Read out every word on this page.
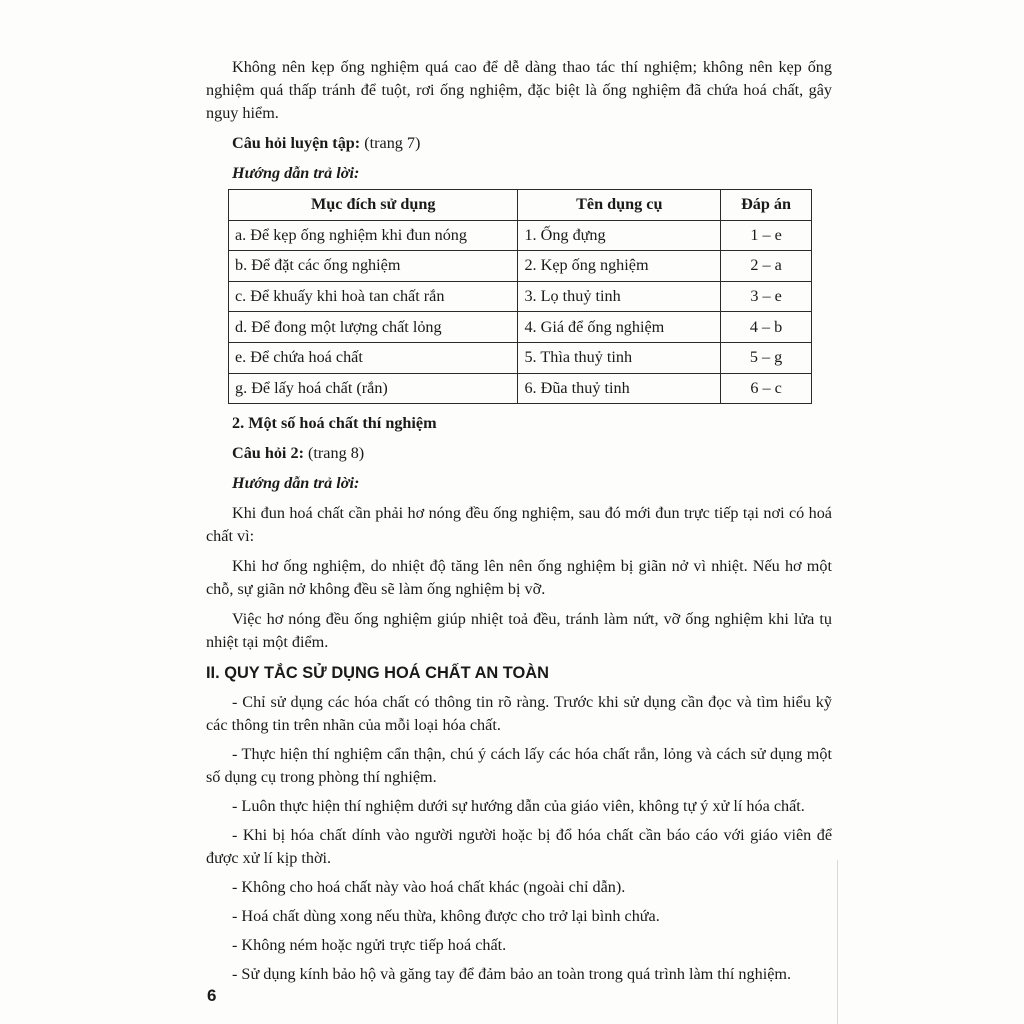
Không nên kẹp ống nghiệm quá cao để dễ dàng thao tác thí nghiệm; không nên kẹp ống nghiệm quá thấp tránh để tuột, rơi ống nghiệm, đặc biệt là ống nghiệm đã chứa hoá chất, gây nguy hiểm.

Câu hỏi luyện tập: (trang 7)

Hướng dẫn trả lời:

Mục đích sử dụng	Tên dụng cụ	Đáp án
a. Để kẹp ống nghiệm khi đun nóng	1. Ống đựng	1 – e
b. Để đặt các ống nghiệm	2. Kẹp ống nghiệm	2 – a
c. Để khuấy khi hoà tan chất rắn	3. Lọ thuỷ tinh	3 – e
d. Để đong một lượng chất lỏng	4. Giá để ống nghiệm	4 – b
e. Để chứa hoá chất	5. Thìa thuỷ tinh	5 – g
g. Để lấy hoá chất (rắn)	6. Đũa thuỷ tinh	6 – c

2. Một số hoá chất thí nghiệm

Câu hỏi 2: (trang 8)

Hướng dẫn trả lời:

Khi đun hoá chất cần phải hơ nóng đều ống nghiệm, sau đó mới đun trực tiếp tại nơi có hoá chất vì:

Khi hơ ống nghiệm, do nhiệt độ tăng lên nên ống nghiệm bị giãn nở vì nhiệt. Nếu hơ một chỗ, sự giãn nở không đều sẽ làm ống nghiệm bị vỡ.

Việc hơ nóng đều ống nghiệm giúp nhiệt toả đều, tránh làm nứt, vỡ ống nghiệm khi lửa tụ nhiệt tại một điểm.

II. QUY TẮC SỬ DỤNG HOÁ CHẤT AN TOÀN

- Chỉ sử dụng các hóa chất có thông tin rõ ràng. Trước khi sử dụng cần đọc và tìm hiểu kỹ các thông tin trên nhãn của mỗi loại hóa chất.

- Thực hiện thí nghiệm cẩn thận, chú ý cách lấy các hóa chất rắn, lỏng và cách sử dụng một số dụng cụ trong phòng thí nghiệm.

- Luôn thực hiện thí nghiệm dưới sự hướng dẫn của giáo viên, không tự ý xử lí hóa chất.

- Khi bị hóa chất dính vào người người hoặc bị đổ hóa chất cần báo cáo với giáo viên để được xử lí kịp thời.

- Không cho hoá chất này vào hoá chất khác (ngoài chỉ dẫn).

- Hoá chất dùng xong nếu thừa, không được cho trở lại bình chứa.

- Không ném hoặc ngửi trực tiếp hoá chất.

- Sử dụng kính bảo hộ và găng tay để đảm bảo an toàn trong quá trình làm thí nghiệm.

6
